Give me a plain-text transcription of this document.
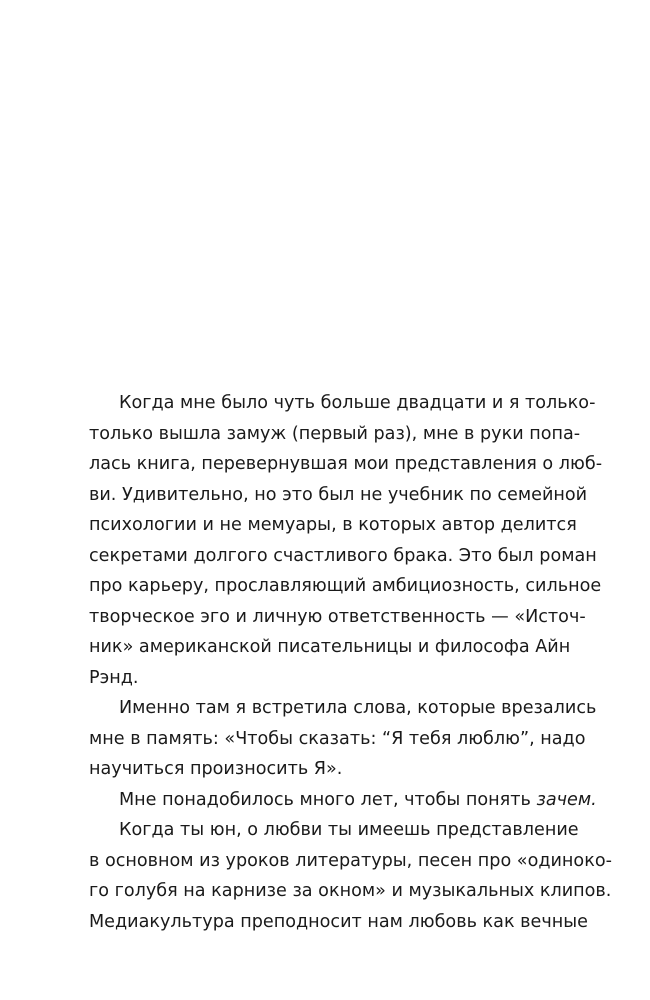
Когда мне было чуть больше двадцати и я только-
только вышла замуж (первый раз), мне в руки попа-
лась книга, перевернувшая мои представления о люб-
ви. Удивительно, но это был не учебник по семейной
психологии и не мемуары, в которых автор делится
секретами долгого счастливого брака. Это был роман
про карьеру, прославляющий амбициозность, сильное
творческое эго и личную ответственность — «Источ-
ник» американской писательницы и философа Айн
Рэнд.
Именно там я встретила слова, которые врезались
мне в память: «Чтобы сказать: “Я тебя люблю”, надо
научиться произносить Я».
Мне понадобилось много лет, чтобы понять зачем.
Когда ты юн, о любви ты имеешь представление
в основном из уроков литературы, песен про «одиноко-
го голубя на карнизе за окном» и музыкальных клипов.
Медиакультура преподносит нам любовь как вечные
